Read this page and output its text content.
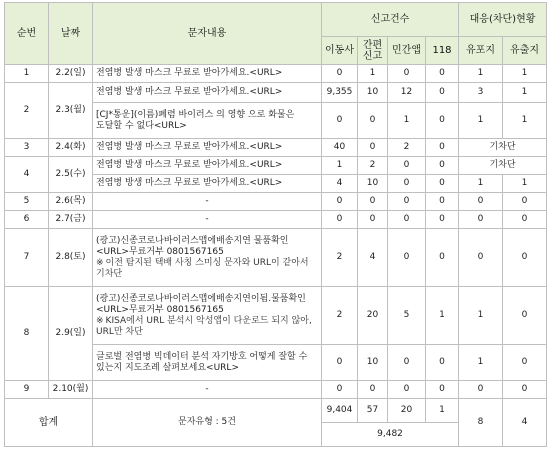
순번	날짜	문자내용	신고건수				대응(차단)현황	
			이동사	간편신고	민간앱	118	유포지	유출지
1	2.2(일)	전염병 발생 마스크 무료로 받아가세요.<URL>	0	1	0	0	1	1
2	2.3(월)	전염병 발생 마스크 무료로 받아가세요.<URL>	9,355	10	12	0	3	1
		[CJ*통운](이름)폐렴 바이러스 의 영향 으로 화물은 도달할 수 없다<URL>	0	0	1	0	1	1
3	2.4(화)	전염병 발생 마스크 무료로 받아가세요.<URL>	40	0	2	0	기차단	
4	2.5(수)	전염병 발생 마스크 무료로 받아가세요.<URL>	1	2	0	0	기차단	
		전염병 방생 마스크 무료로 받아가세요.<URL>	4	10	0	0	1	1
5	2.6(목)	-	0	0	0	0	0	0
6	2.7(금)	-	0	0	0	0	0	0
7	2.8(토)	(광고)신종코로나바이러스맵에배송지연 물품확인<URL>무료거부 0801567165
※ 이전 탐지된 택배 사칭 스미싱 문자와 URL이 같아서 기차단	2	4	0	0	0	0
8	2.9(일)	(광고)신종코로나바이러스맵에배송지연이됨.물품확인<URL>무료거부 0801567165
※ KISA에서 URL 분석시 악성앱이 다운로드 되지 않아, URL만 차단	2	20	5	1	1	0
		글로벌 전염병 빅데이터 분석 자기방호 어떻게 잘할 수 있는지 지도조례 살펴보세요<URL>	0	10	0	0	1	0
9	2.10(월)	-	0	0	0	0	0	0
합계		문자유형 : 5건	9,404	57	20	1	8	4
			9,482					
